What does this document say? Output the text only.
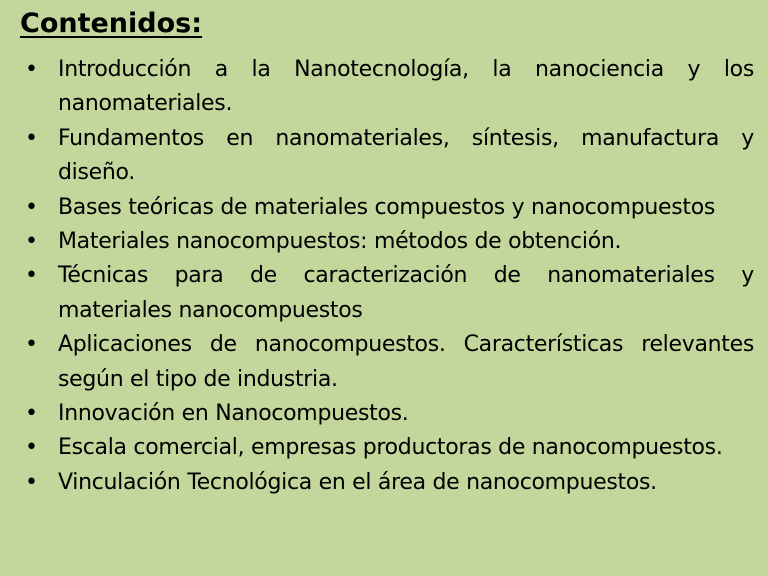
Contenidos:
• Introducción a la Nanotecnología, la nanociencia y los nanomateriales.
• Fundamentos en nanomateriales, síntesis, manufactura y diseño.
• Bases teóricas de materiales compuestos y nanocompuestos
• Materiales nanocompuestos: métodos de obtención.
• Técnicas para de caracterización de nanomateriales y materiales nanocompuestos
• Aplicaciones de nanocompuestos. Características relevantes según el tipo de industria.
• Innovación en Nanocompuestos.
• Escala comercial, empresas productoras de nanocompuestos.
• Vinculación Tecnológica en el área de nanocompuestos.
